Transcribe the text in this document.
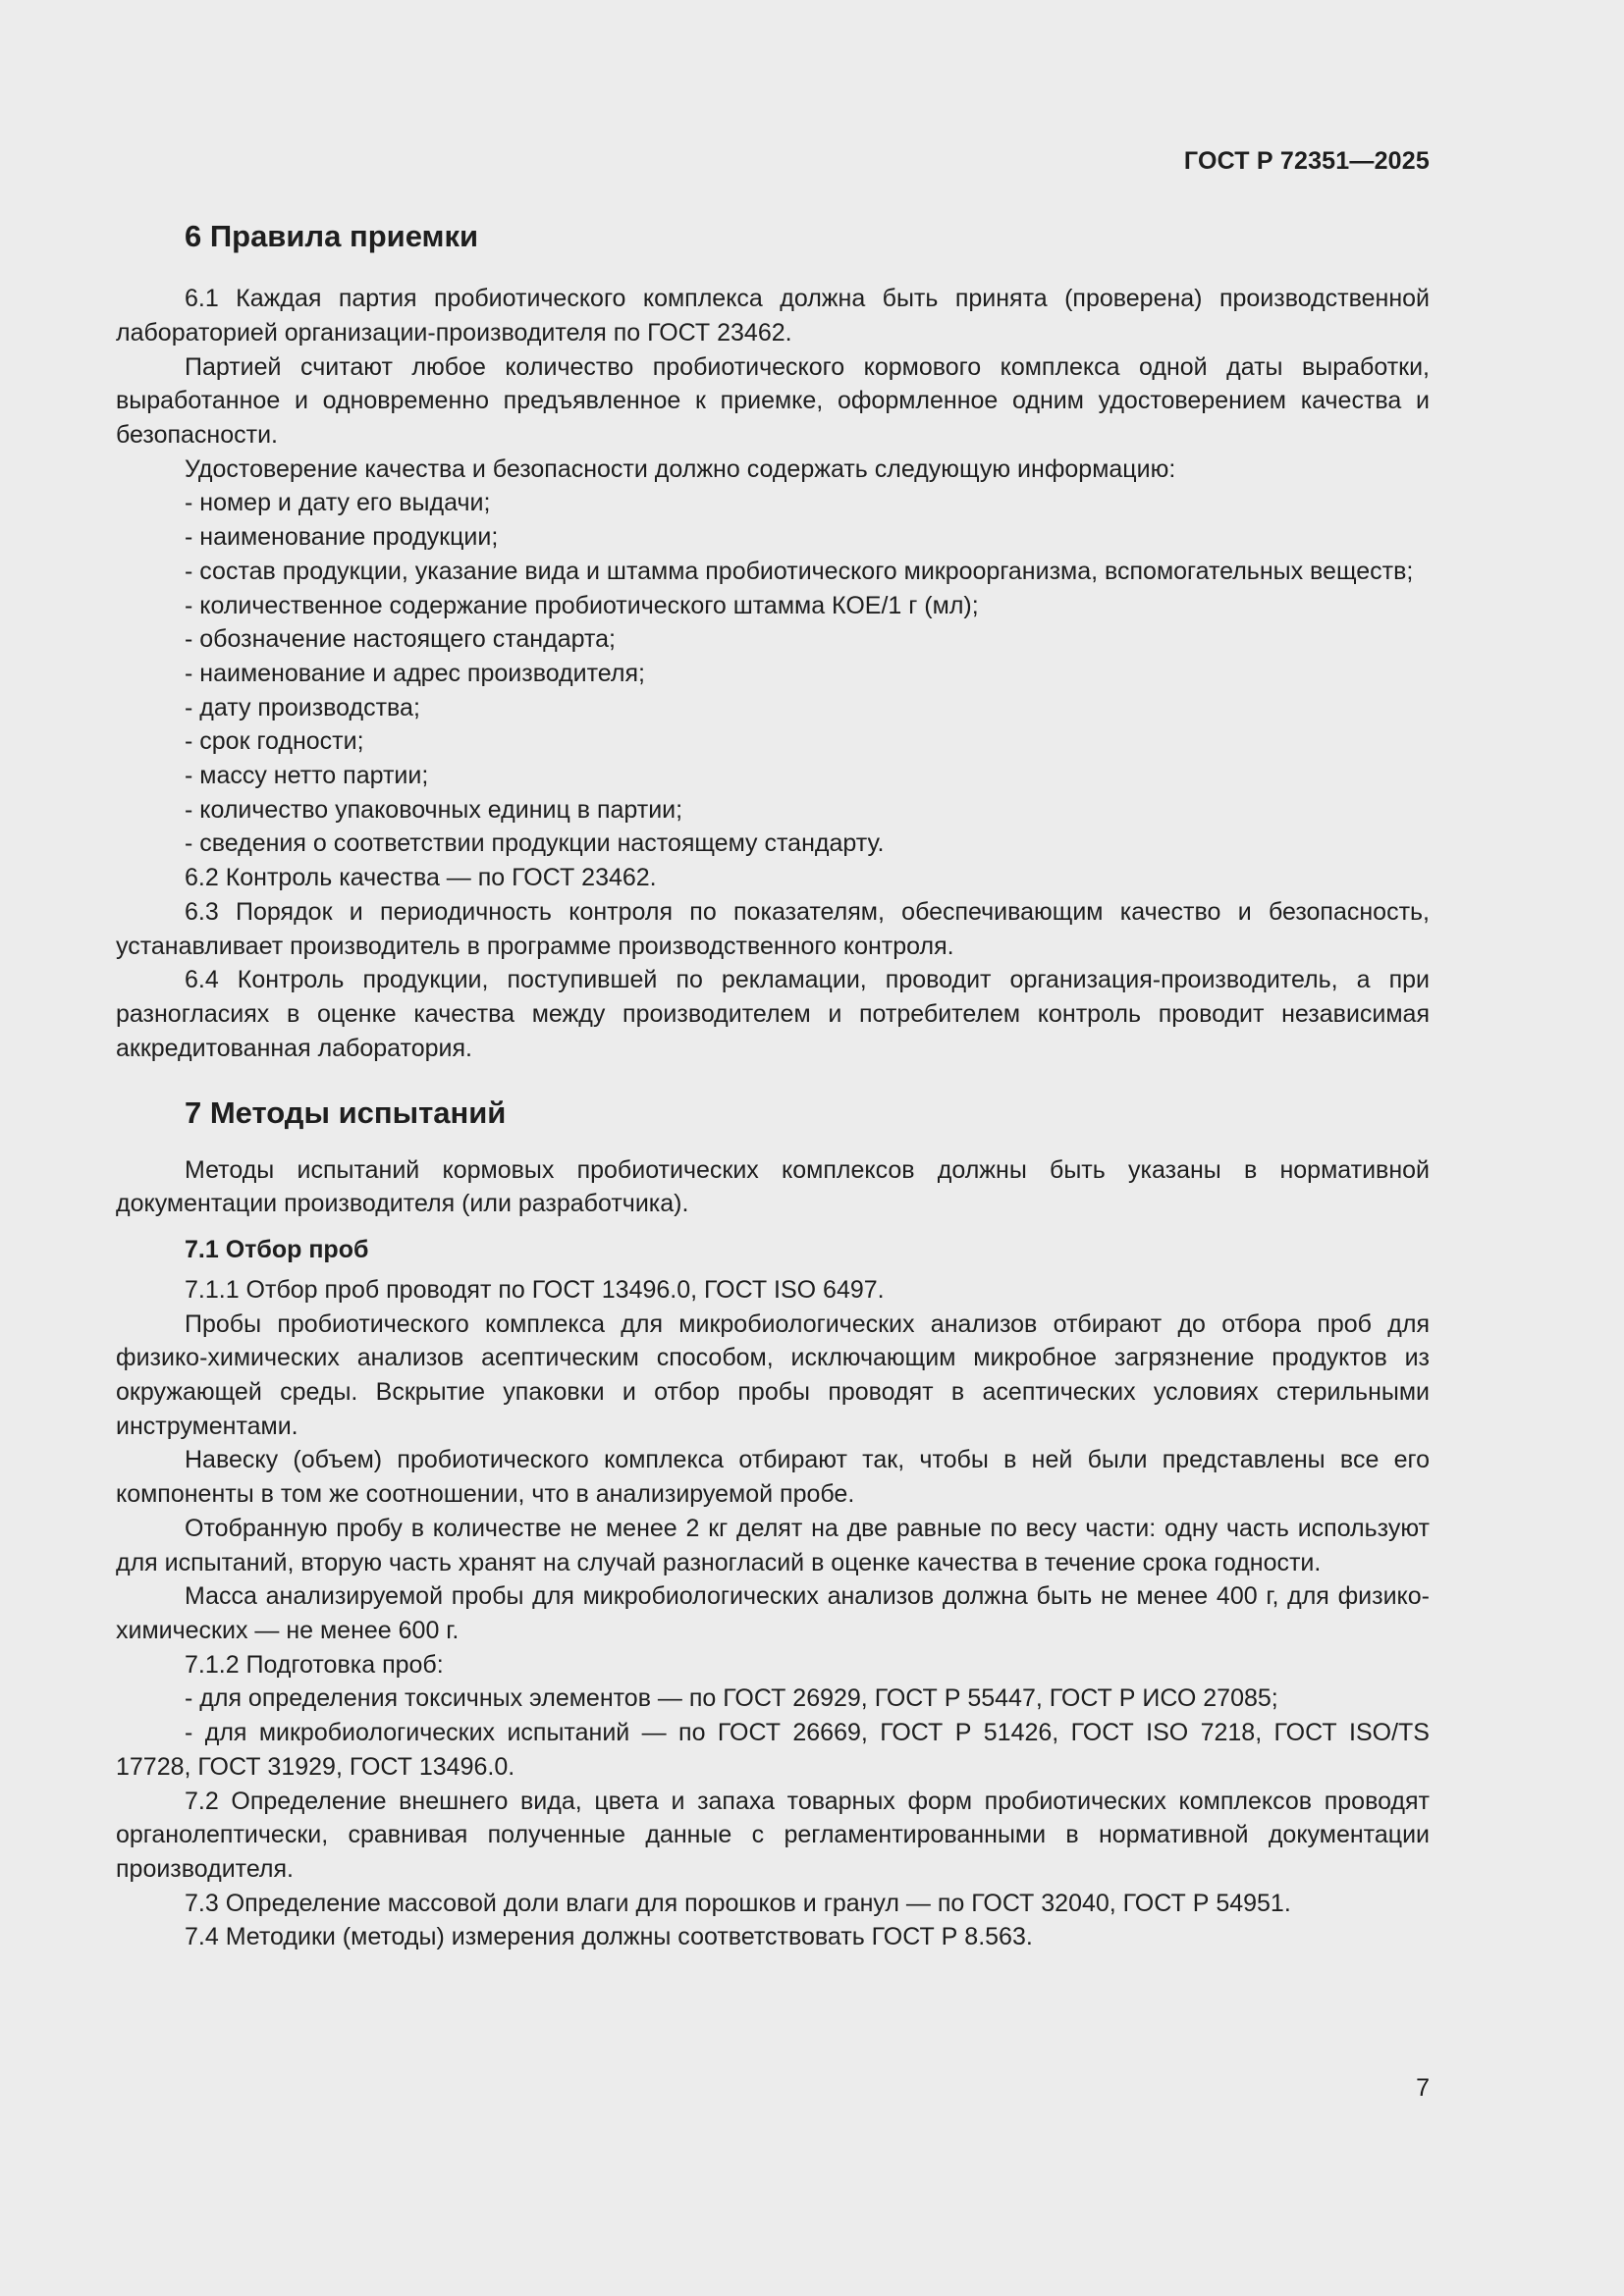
ГОСТ Р 72351—2025
6 Правила приемки

6.1 Каждая партия пробиотического комплекса должна быть принята (проверена) производственной лабораторией организации-производителя по ГОСТ 23462.

Партией считают любое количество пробиотического кормового комплекса одной даты выработки, выработанное и одновременно предъявленное к приемке, оформленное одним удостоверением качества и безопасности.

Удостоверение качества и безопасности должно содержать следующую информацию:

- номер и дату его выдачи;

- наименование продукции;

- состав продукции, указание вида и штамма пробиотического микроорганизма, вспомогательных веществ;

- количественное содержание пробиотического штамма КОЕ/1 г (мл);

- обозначение настоящего стандарта;

- наименование и адрес производителя;

- дату производства;

- срок годности;

- массу нетто партии;

- количество упаковочных единиц в партии;

- сведения о соответствии продукции настоящему стандарту.

6.2 Контроль качества — по ГОСТ 23462.

6.3 Порядок и периодичность контроля по показателям, обеспечивающим качество и безопасность, устанавливает производитель в программе производственного контроля.

6.4 Контроль продукции, поступившей по рекламации, проводит организация-производитель, а при разногласиях в оценке качества между производителем и потребителем контроль проводит независимая аккредитованная лаборатория.

7 Методы испытаний

Методы испытаний кормовых пробиотических комплексов должны быть указаны в нормативной документации производителя (или разработчика).

7.1 Отбор проб

7.1.1 Отбор проб проводят по ГОСТ 13496.0, ГОСТ ISO 6497.

Пробы пробиотического комплекса для микробиологических анализов отбирают до отбора проб для физико-химических анализов асептическим способом, исключающим микробное загрязнение продуктов из окружающей среды. Вскрытие упаковки и отбор пробы проводят в асептических условиях стерильными инструментами.

Навеску (объем) пробиотического комплекса отбирают так, чтобы в ней были представлены все его компоненты в том же соотношении, что в анализируемой пробе.

Отобранную пробу в количестве не менее 2 кг делят на две равные по весу части: одну часть используют для испытаний, вторую часть хранят на случай разногласий в оценке качества в течение срока годности.

Масса анализируемой пробы для микробиологических анализов должна быть не менее 400 г, для физико-химических — не менее 600 г.

7.1.2 Подготовка проб:

- для определения токсичных элементов — по ГОСТ 26929, ГОСТ Р 55447, ГОСТ Р ИСО 27085;

- для микробиологических испытаний — по ГОСТ 26669, ГОСТ Р 51426, ГОСТ ISO 7218, ГОСТ ISO/TS 17728, ГОСТ 31929, ГОСТ 13496.0.

7.2 Определение внешнего вида, цвета и запаха товарных форм пробиотических комплексов проводят органолептически, сравнивая полученные данные с регламентированными в нормативной документации производителя.

7.3 Определение массовой доли влаги для порошков и гранул — по ГОСТ 32040, ГОСТ Р 54951.

7.4 Методики (методы) измерения должны соответствовать ГОСТ Р 8.563.

7
